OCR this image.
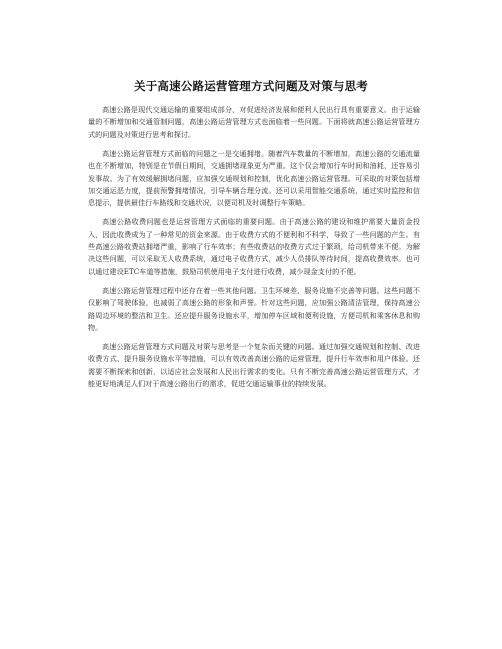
关于高速公路运营管理方式问题及对策与思考

高速公路是现代交通运输的重要组成部分，对促进经济发展和便利人民出行具有重要意义。由于运输量的不断增加和交通管制问题，高速公路运营管理方式也面临着一些问题。下面将就高速公路运营管理方式的问题及对策进行思考和探讨。

高速公路运营管理方式面临的问题之一是交通拥堵。随着汽车数量的不断增加，高速公路的交通流量也在不断增加，特别是在节假日期间，交通拥堵现象更为严重。这个仅会增加行车时间和油耗，还容易引发事故。为了有效缓解拥堵问题，应加强交通规划和控制，优化高速公路运营管理。可采取的对策包括增加交通运恶力度，提前预警拥堵情况，引导车辆合理分流。还可以采用智能交通系统，通过实时监控和信息提示，提供最佳行车路线和交通状况，以便司机及时调整行车策略。

高速公路收费问题也是运营管理方式面临的重要问题。由于高速公路的建设和维护需要大量资金投入，因此收费成为了一种常见的资金来源。由于收费方式的不便利和不科学，导致了一些问题的产生。有些高速公路收费站拥堵严重，影响了行车效率；有些收费站的收费方式过于繁琐，给司机带来不便。为解决这些问题，可以采取无人收费系统，通过电子收费方式，减少人员排队等待时间，提高收费效率。也可以通过建设ETC车道等措施，鼓励司机使用电子支付进行收费，减少现金支付的不便。

高速公路运营管理过程中还存在着一些其他问题。卫生环境差、服务设施不完善等问题。这些问题不仅影响了驾驶体验，也减弱了高速公路的形象和声誉。针对这些问题，应加强公路清洁管理，保持高速公路周边环境的整洁和卫生。还应提升服务设施水平，增加停车区域和便利设施，方便司机和乘客休息和购物。

高速公路运营管理方式问题及对策与思考是一个复杂而关键的问题。通过加强交通规划和控制、改进收费方式、提升服务设施水平等措施，可以有效改善高速公路的运营管理，提升行车效率和用户体验。还需要不断探索和创新，以适应社会发展和人民出行需求的变化。只有不断完善高速公路运营管理方式，才能更好地满足人们对于高速公路出行的需求，促进交通运输事业的持续发展。
